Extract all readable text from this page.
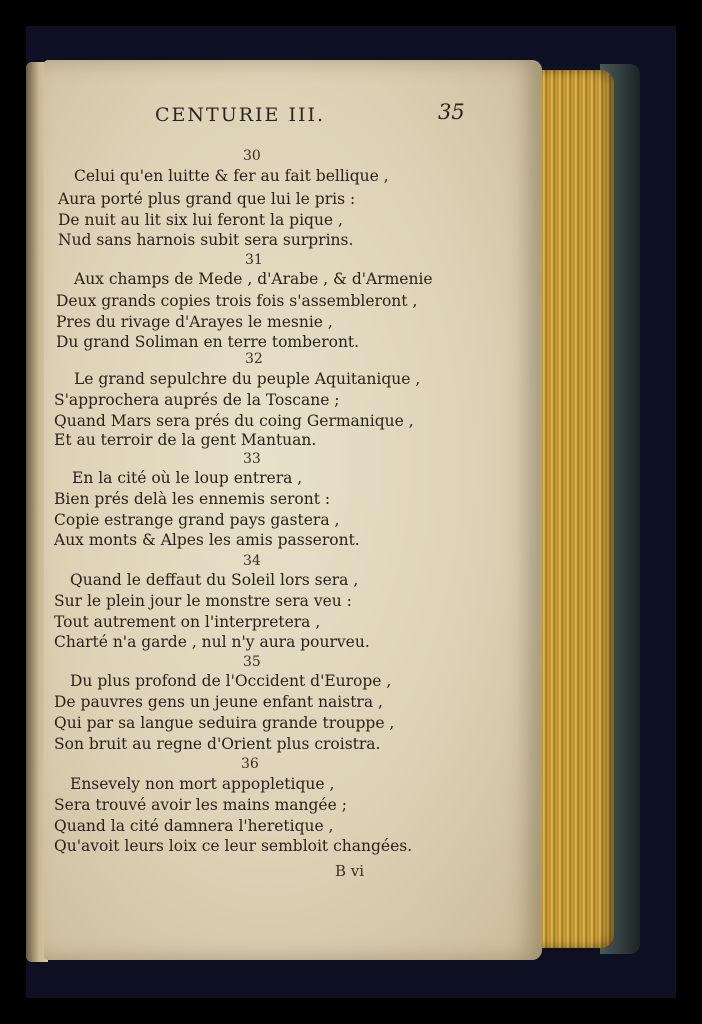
CENTURIE III.	35
30
Celui qu'en luitte & fer au fait bellique ,
Aura porté plus grand que lui le pris :
De nuit au lit six lui feront la pique ,
Nud sans harnois subit sera surprins.
31
Aux champs de Mede , d'Arabe , & d'Armenie
Deux grands copies trois fois s'assembleront ,
Pres du rivage d'Arayes le mesnie ,
Du grand Soliman en terre tomberont.
32
Le grand sepulchre du peuple Aquitanique ,
S'approchera auprés de la Toscane ;
Quand Mars sera prés du coing Germanique ,
Et au terroir de la gent Mantuan.
33
En la cité où le loup entrera ,
Bien prés delà les ennemis seront :
Copie estrange grand pays gastera ,
Aux monts & Alpes les amis passeront.
34
Quand le deffaut du Soleil lors sera ,
Sur le plein jour le monstre sera veu :
Tout autrement on l'interpretera ,
Charté n'a garde , nul n'y aura pourveu.
35
Du plus profond de l'Occident d'Europe ,
De pauvres gens un jeune enfant naistra ,
Qui par sa langue seduira grande trouppe ,
Son bruit au regne d'Orient plus croistra.
36
Ensevely non mort appopletique ,
Sera trouvé avoir les mains mangée ;
Quand la cité damnera l'heretique ,
Qu'avoit leurs loix ce leur sembloit changées.
B vi
